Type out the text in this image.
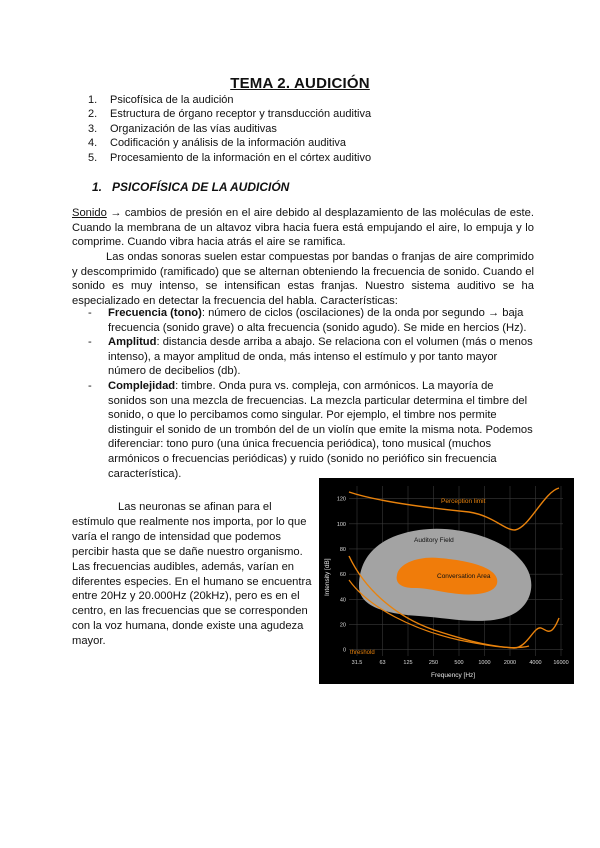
TEMA 2. AUDICIÓN
1. Psicofísica de la audición
2. Estructura de órgano receptor y transducción auditiva
3. Organización de las vías auditivas
4. Codificación y análisis de la información auditiva
5. Procesamiento de la información en el córtex auditivo
1. PSICOFÍSICA DE LA AUDICIÓN

Sonido → cambios de presión en el aire debido al desplazamiento de las moléculas de este. Cuando la membrana de un altavoz vibra hacia fuera está empujando el aire, lo empuja y lo comprime. Cuando vibra hacia atrás el aire se ramifica.

Las ondas sonoras suelen estar compuestas por bandas o franjas de aire comprimido y descomprimido (ramificado) que se alternan obteniendo la frecuencia de sonido. Cuando el sonido es muy intenso, se intensifican estas franjas. Nuestro sistema auditivo se ha especializado en detectar la frecuencia del habla. Características:

- Frecuencia (tono): número de ciclos (oscilaciones) de la onda por segundo → baja frecuencia (sonido grave) o alta frecuencia (sonido agudo). Se mide en hercios (Hz).
- Amplitud: distancia desde arriba a abajo. Se relaciona con el volumen (más o menos intenso), a mayor amplitud de onda, más intenso el estímulo y por tanto mayor número de decibelios (db).
- Complejidad: timbre. Onda pura vs. compleja, con armónicos. La mayoría de sonidos son una mezcla de frecuencias. La mezcla particular determina el timbre del sonido, o que lo percibamos como singular. Por ejemplo, el timbre nos permite distinguir el sonido de un trombón del de un violín que emite la misma nota. Podemos diferenciar: tono puro (una única frecuencia periódica), tono musical (muchos armónicos o frecuencias periódicas) y ruido (sonido no periófico sin frecuencia característica).

Las neuronas se afinan para el estímulo que realmente nos importa, por lo que varía el rango de intensidad que podemos percibir hasta que se dañe nuestro organismo. Las frecuencias audibles, además, varían en diferentes especies. En el humano se encuentra entre 20Hz y 20.000Hz (20kHz), pero es en el centro, en las frecuencias que se corresponden con la voz humana, donde existe una agudeza mayor.

0
20
40
60
80
100
120
31.5	63	125	250	500	1000 2000 4000 16000
Perception limit
Auditory Field
Conversation Area
threshold
Frequency [Hz]
Intensity [dB]
